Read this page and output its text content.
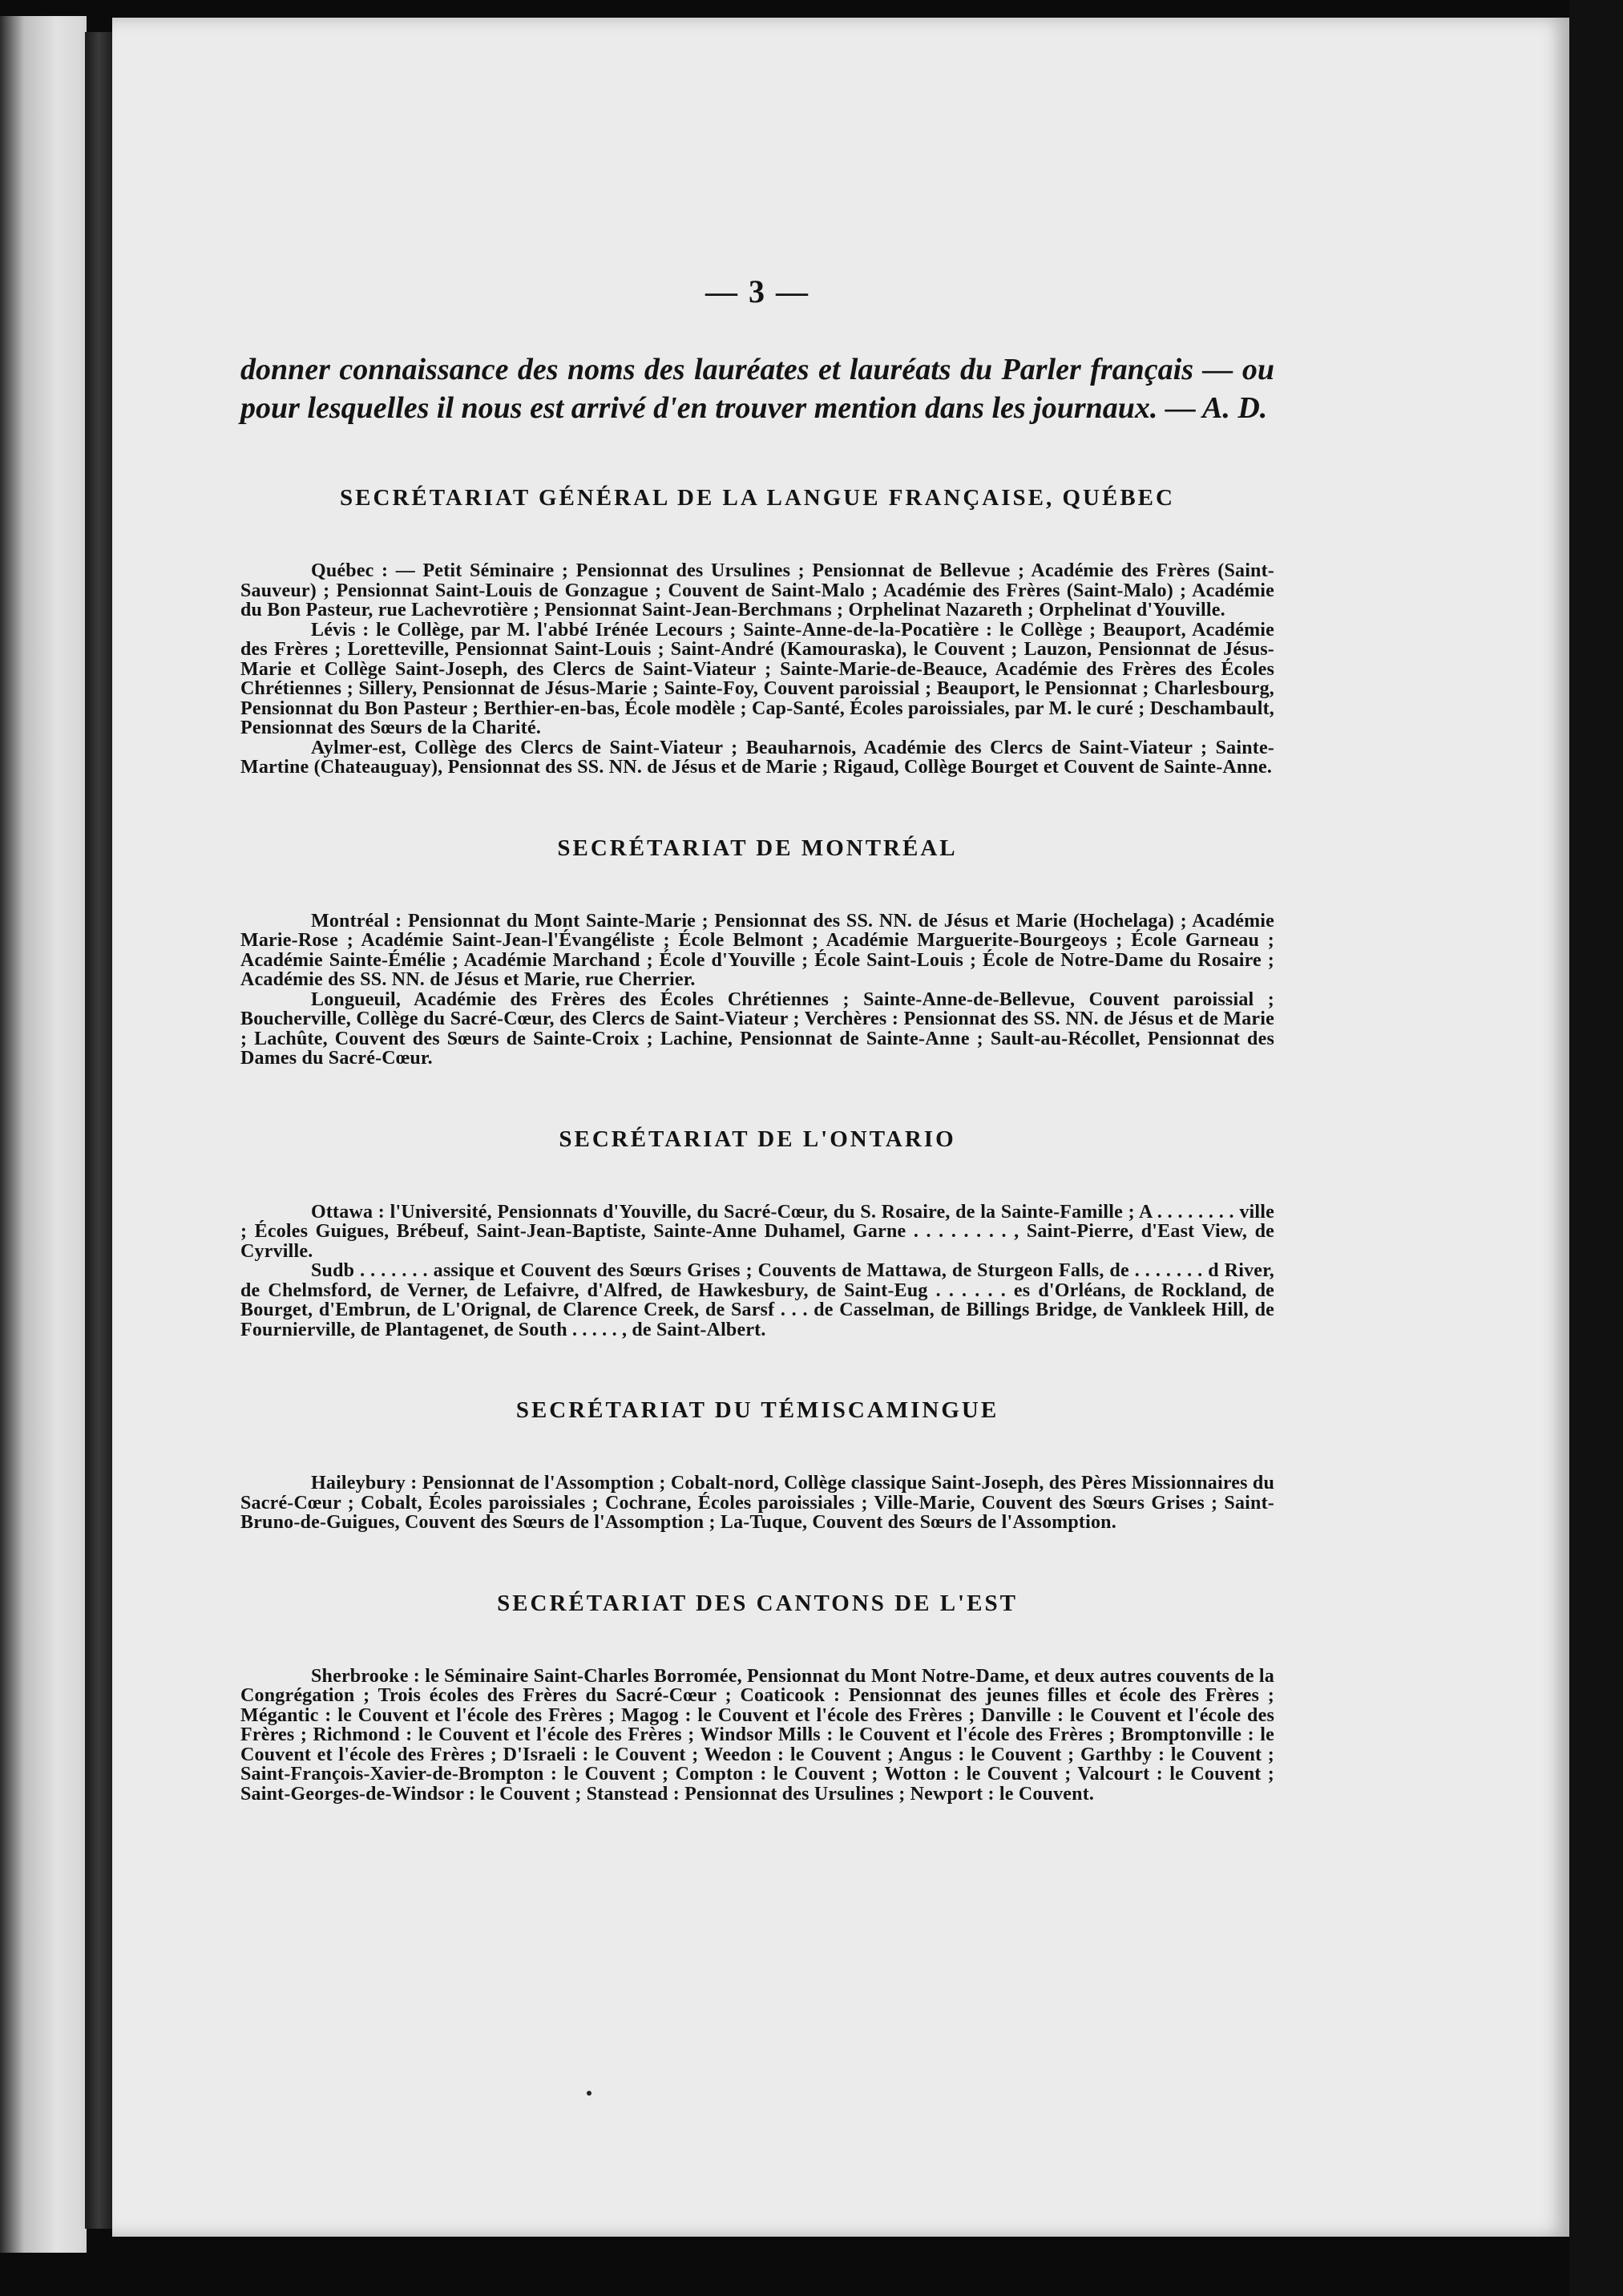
— 3 —

donner connaissance des noms des lauréates et lauréats du Parler français — ou pour lesquelles il nous est arrivé d'en trouver mention dans les journaux. — A. D.

SECRÉTARIAT GÉNÉRAL DE LA LANGUE FRANÇAISE, QUÉBEC

Québec : — Petit Séminaire ; Pensionnat des Ursulines ; Pensionnat de Bellevue ; Académie des Frères (Saint-Sauveur) ; Pensionnat Saint-Louis de Gonzague ; Couvent de Saint-Malo ; Académie des Frères (Saint-Malo) ; Académie du Bon Pasteur, rue Lachevrotière ; Pensionnat Saint-Jean-Berchmans ; Orphelinat Nazareth ; Orphelinat d'Youville.

Lévis : le Collège, par M. l'abbé Irénée Lecours ; Sainte-Anne-de-la-Pocatière : le Collège ; Beauport, Académie des Frères ; Loretteville, Pensionnat Saint-Louis ; Saint-André (Kamouraska), le Couvent ; Lauzon, Pensionnat de Jésus-Marie et Collège Saint-Joseph, des Clercs de Saint-Viateur ; Sainte-Marie-de-Beauce, Académie des Frères des Écoles Chrétiennes ; Sillery, Pensionnat de Jésus-Marie ; Sainte-Foy, Couvent paroissial ; Beauport, le Pensionnat ; Charlesbourg, Pensionnat du Bon Pasteur ; Berthier-en-bas, École modèle ; Cap-Santé, Écoles paroissiales, par M. le curé ; Deschambault, Pensionnat des Sœurs de la Charité.

Aylmer-est, Collège des Clercs de Saint-Viateur ; Beauharnois, Académie des Clercs de Saint-Viateur ; Sainte-Martine (Chateauguay), Pensionnat des SS. NN. de Jésus et de Marie ; Rigaud, Collège Bourget et Couvent de Sainte-Anne.

SECRÉTARIAT DE MONTRÉAL

Montréal : Pensionnat du Mont Sainte-Marie ; Pensionnat des SS. NN. de Jésus et Marie (Hochelaga) ; Académie Marie-Rose ; Académie Saint-Jean-l'Évangéliste ; École Belmont ; Académie Marguerite-Bourgeoys ; École Garneau ; Académie Sainte-Émélie ; Académie Marchand ; École d'Youville ; École Saint-Louis ; École de Notre-Dame du Rosaire ; Académie des SS. NN. de Jésus et Marie, rue Cherrier.

Longueuil, Académie des Frères des Écoles Chrétiennes ; Sainte-Anne-de-Bellevue, Couvent paroissial ; Boucherville, Collège du Sacré-Cœur, des Clercs de Saint-Viateur ; Verchères : Pensionnat des SS. NN. de Jésus et de Marie ; Lachûte, Couvent des Sœurs de Sainte-Croix ; Lachine, Pensionnat de Sainte-Anne ; Sault-au-Récollet, Pensionnat des Dames du Sacré-Cœur.

SECRÉTARIAT DE L'ONTARIO

Ottawa : l'Université, Pensionnats d'Youville, du Sacré-Cœur, du S. Rosaire, de la Sainte-Famille ; A . . . . . . . . ville ; Écoles Guigues, Brébeuf, Saint-Jean-Baptiste, Sainte-Anne Duhamel, Garne . . . . . . . . , Saint-Pierre, d'East View, de Cyrville.

Sudb . . . . . . . assique et Couvent des Sœurs Grises ; Couvents de Mattawa, de Sturgeon Falls, de . . . . . . . d River, de Chelmsford, de Verner, de Lefaivre, d'Alfred, de Hawkesbury, de Saint-Eug . . . . . . es d'Orléans, de Rockland, de Bourget, d'Embrun, de L'Orignal, de Clarence Creek, de Sarsf . . . de Casselman, de Billings Bridge, de Vankleek Hill, de Fournierville, de Plantagenet, de South . . . . . , de Saint-Albert.

SECRÉTARIAT DU TÉMISCAMINGUE

Haileybury : Pensionnat de l'Assomption ; Cobalt-nord, Collège classique Saint-Joseph, des Pères Missionnaires du Sacré-Cœur ; Cobalt, Écoles paroissiales ; Cochrane, Écoles paroissiales ; Ville-Marie, Couvent des Sœurs Grises ; Saint-Bruno-de-Guigues, Couvent des Sœurs de l'Assomption ; La-Tuque, Couvent des Sœurs de l'Assomption.

SECRÉTARIAT DES CANTONS DE L'EST

Sherbrooke : le Séminaire Saint-Charles Borromée, Pensionnat du Mont Notre-Dame, et deux autres couvents de la Congrégation ; Trois écoles des Frères du Sacré-Cœur ; Coaticook : Pensionnat des jeunes filles et école des Frères ; Mégantic : le Couvent et l'école des Frères ; Magog : le Couvent et l'école des Frères ; Danville : le Couvent et l'école des Frères ; Richmond : le Couvent et l'école des Frères ; Windsor Mills : le Couvent et l'école des Frères ; Bromptonville : le Couvent et l'école des Frères ; D'Israeli : le Couvent ; Weedon : le Couvent ; Angus : le Couvent ; Garthby : le Couvent ; Saint-François-Xavier-de-Brompton : le Couvent ; Compton : le Couvent ; Wotton : le Couvent ; Valcourt : le Couvent ; Saint-Georges-de-Windsor : le Couvent ; Stanstead : Pensionnat des Ursulines ; Newport : le Couvent.
